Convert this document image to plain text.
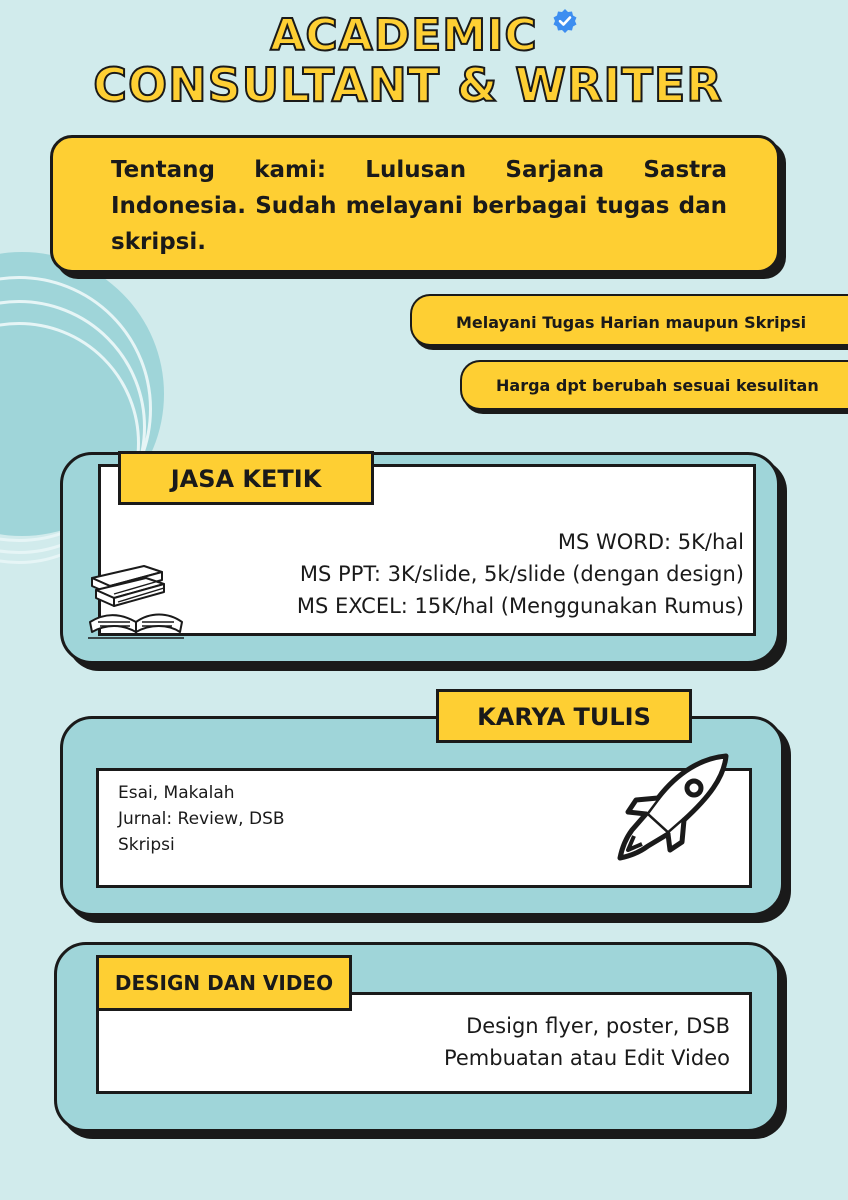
ACADEMIC
CONSULTANT & WRITER
Tentang kami: Lulusan Sarjana Sastra Indonesia. Sudah melayani berbagai tugas dan skripsi.
Melayani Tugas Harian maupun Skripsi
Harga dpt berubah sesuai kesulitan
JASA KETIK
MS WORD: 5K/hal
MS PPT: 3K/slide, 5k/slide (dengan design)
MS EXCEL: 15K/hal (Menggunakan Rumus)
KARYA TULIS
Esai, Makalah
Jurnal: Review, DSB
Skripsi
DESIGN DAN VIDEO
Design flyer, poster, DSB
Pembuatan atau Edit Video
